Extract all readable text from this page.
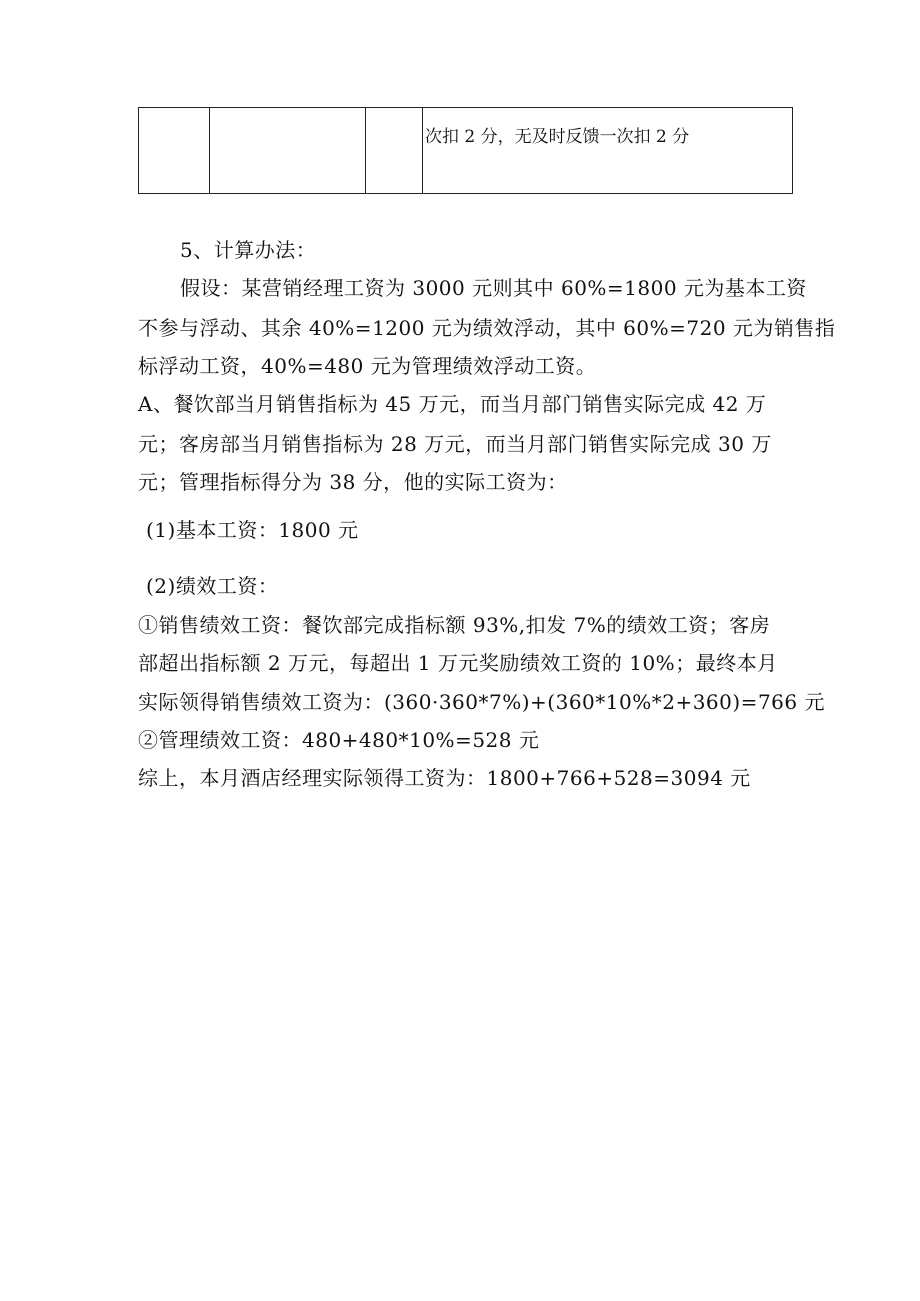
			次扣 2 分，无及时反馈一次扣 2 分
5、计算办法：
假设：某营销经理工资为 3000 元则其中 60%=1800 元为基本工资
不参与浮动、其余 40%=1200 元为绩效浮动，其中 60%=720 元为销售指
标浮动工资，40%=480 元为管理绩效浮动工资。
A、餐饮部当月销售指标为 45 万元，而当月部门销售实际完成 42 万
元；客房部当月销售指标为 28 万元，而当月部门销售实际完成 30 万
元；管理指标得分为 38 分，他的实际工资为：
(1)基本工资：1800 元
(2)绩效工资：
①销售绩效工资：餐饮部完成指标额 93%,扣发 7%的绩效工资；客房
部超出指标额 2 万元，每超出 1 万元奖励绩效工资的 10%；最终本月
实际领得销售绩效工资为：(360·360*7%)+(360*10%*2+360)=766 元
②管理绩效工资：480+480*10%=528 元
综上，本月酒店经理实际领得工资为：1800+766+528=3094 元
